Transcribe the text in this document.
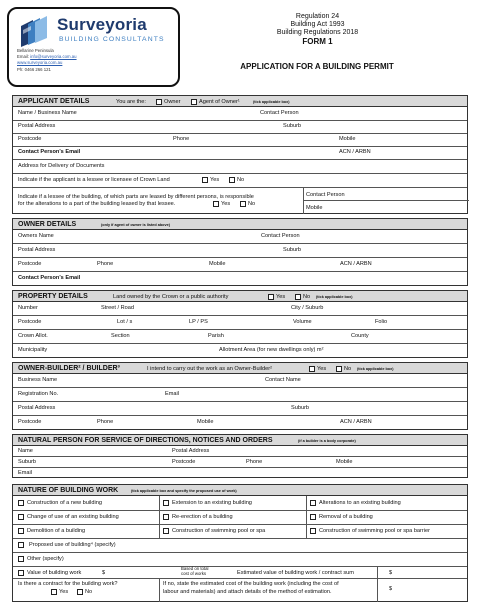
Surveyoria
BUILDING CONSULTANTS
Bellarine Peninsula
Email: info@surveyoria.com.au
www.surveyoria.com.au
Ph: 0466 266 121
Regulation 24
Building Act 1993
Building Regulations 2018
FORM 1
APPLICATION FOR A BUILDING PERMIT
APPLICANT DETAILS	You are the:	Owner	Agent of Owner¹	(tick applicable box)
Name / Business Name	Contact Person
Postal Address	Suburb
Postcode	Phone	Mobile
Contact Person's Email	ACN / ARBN
Address for Delivery of Documents
Indicate if the applicant is a lessee or licensee of Crown Land	Yes	No
Indicate if a lessee of the building, of which parts are leased by different persons, is responsible
for the alterations to a part of the building leased by that lessee.	Yes	No
Contact Person
Mobile
OWNER DETAILS	(only if agent of owner is listed above)
Owners Name	Contact Person
Postal Address	Suburb
Postcode	Phone	Mobile	ACN / ARBN
Contact Person's Email
PROPERTY DETAILS	Land owned by the Crown or a public authority	Yes	No (tick applicable box)
Number	Street / Road	City / Suburb
Postcode	Lot / s	LP / PS	Volume	Folio
Crown Allot.	Section	Parish	County
Municipality	Allotment Area (for new dwellings only) m²
OWNER-BUILDER² / BUILDER³	I intend to carry out the work as an Owner-Builder²	Yes	No (tick applicable box)
Business Name	Contact Name
Registration No.	Email
Postal Address	Suburb
Postcode	Phone	Mobile	ACN / ARBN
NATURAL PERSON FOR SERVICE OF DIRECTIONS, NOTICES AND ORDERS	(if a builder is a body corporate)
Name	Postal Address
Suburb	Postcode	Phone	Mobile
Email
NATURE OF BUILDING WORK	(tick applicable box and specify the proposed use of work)
Construction of a new building	Extension to an existing building	Alterations to an existing building
Change of use of an existing building	Re-erection of a building	Removal of a building
Demolition of a building	Construction of swimming pool or spa	Construction of swimming pool or spa barrier
Proposed use of building⁴ (specify)
Other (specify)
Value of building work	$
Based on total
cost of works	Estimated value of building work / contract sum	$
Is there a contract for the building work?
Yes	No
If no, state the estimated cost of the building work (including the cost of
labour and materials) and attach details of the method of estimation.	$
